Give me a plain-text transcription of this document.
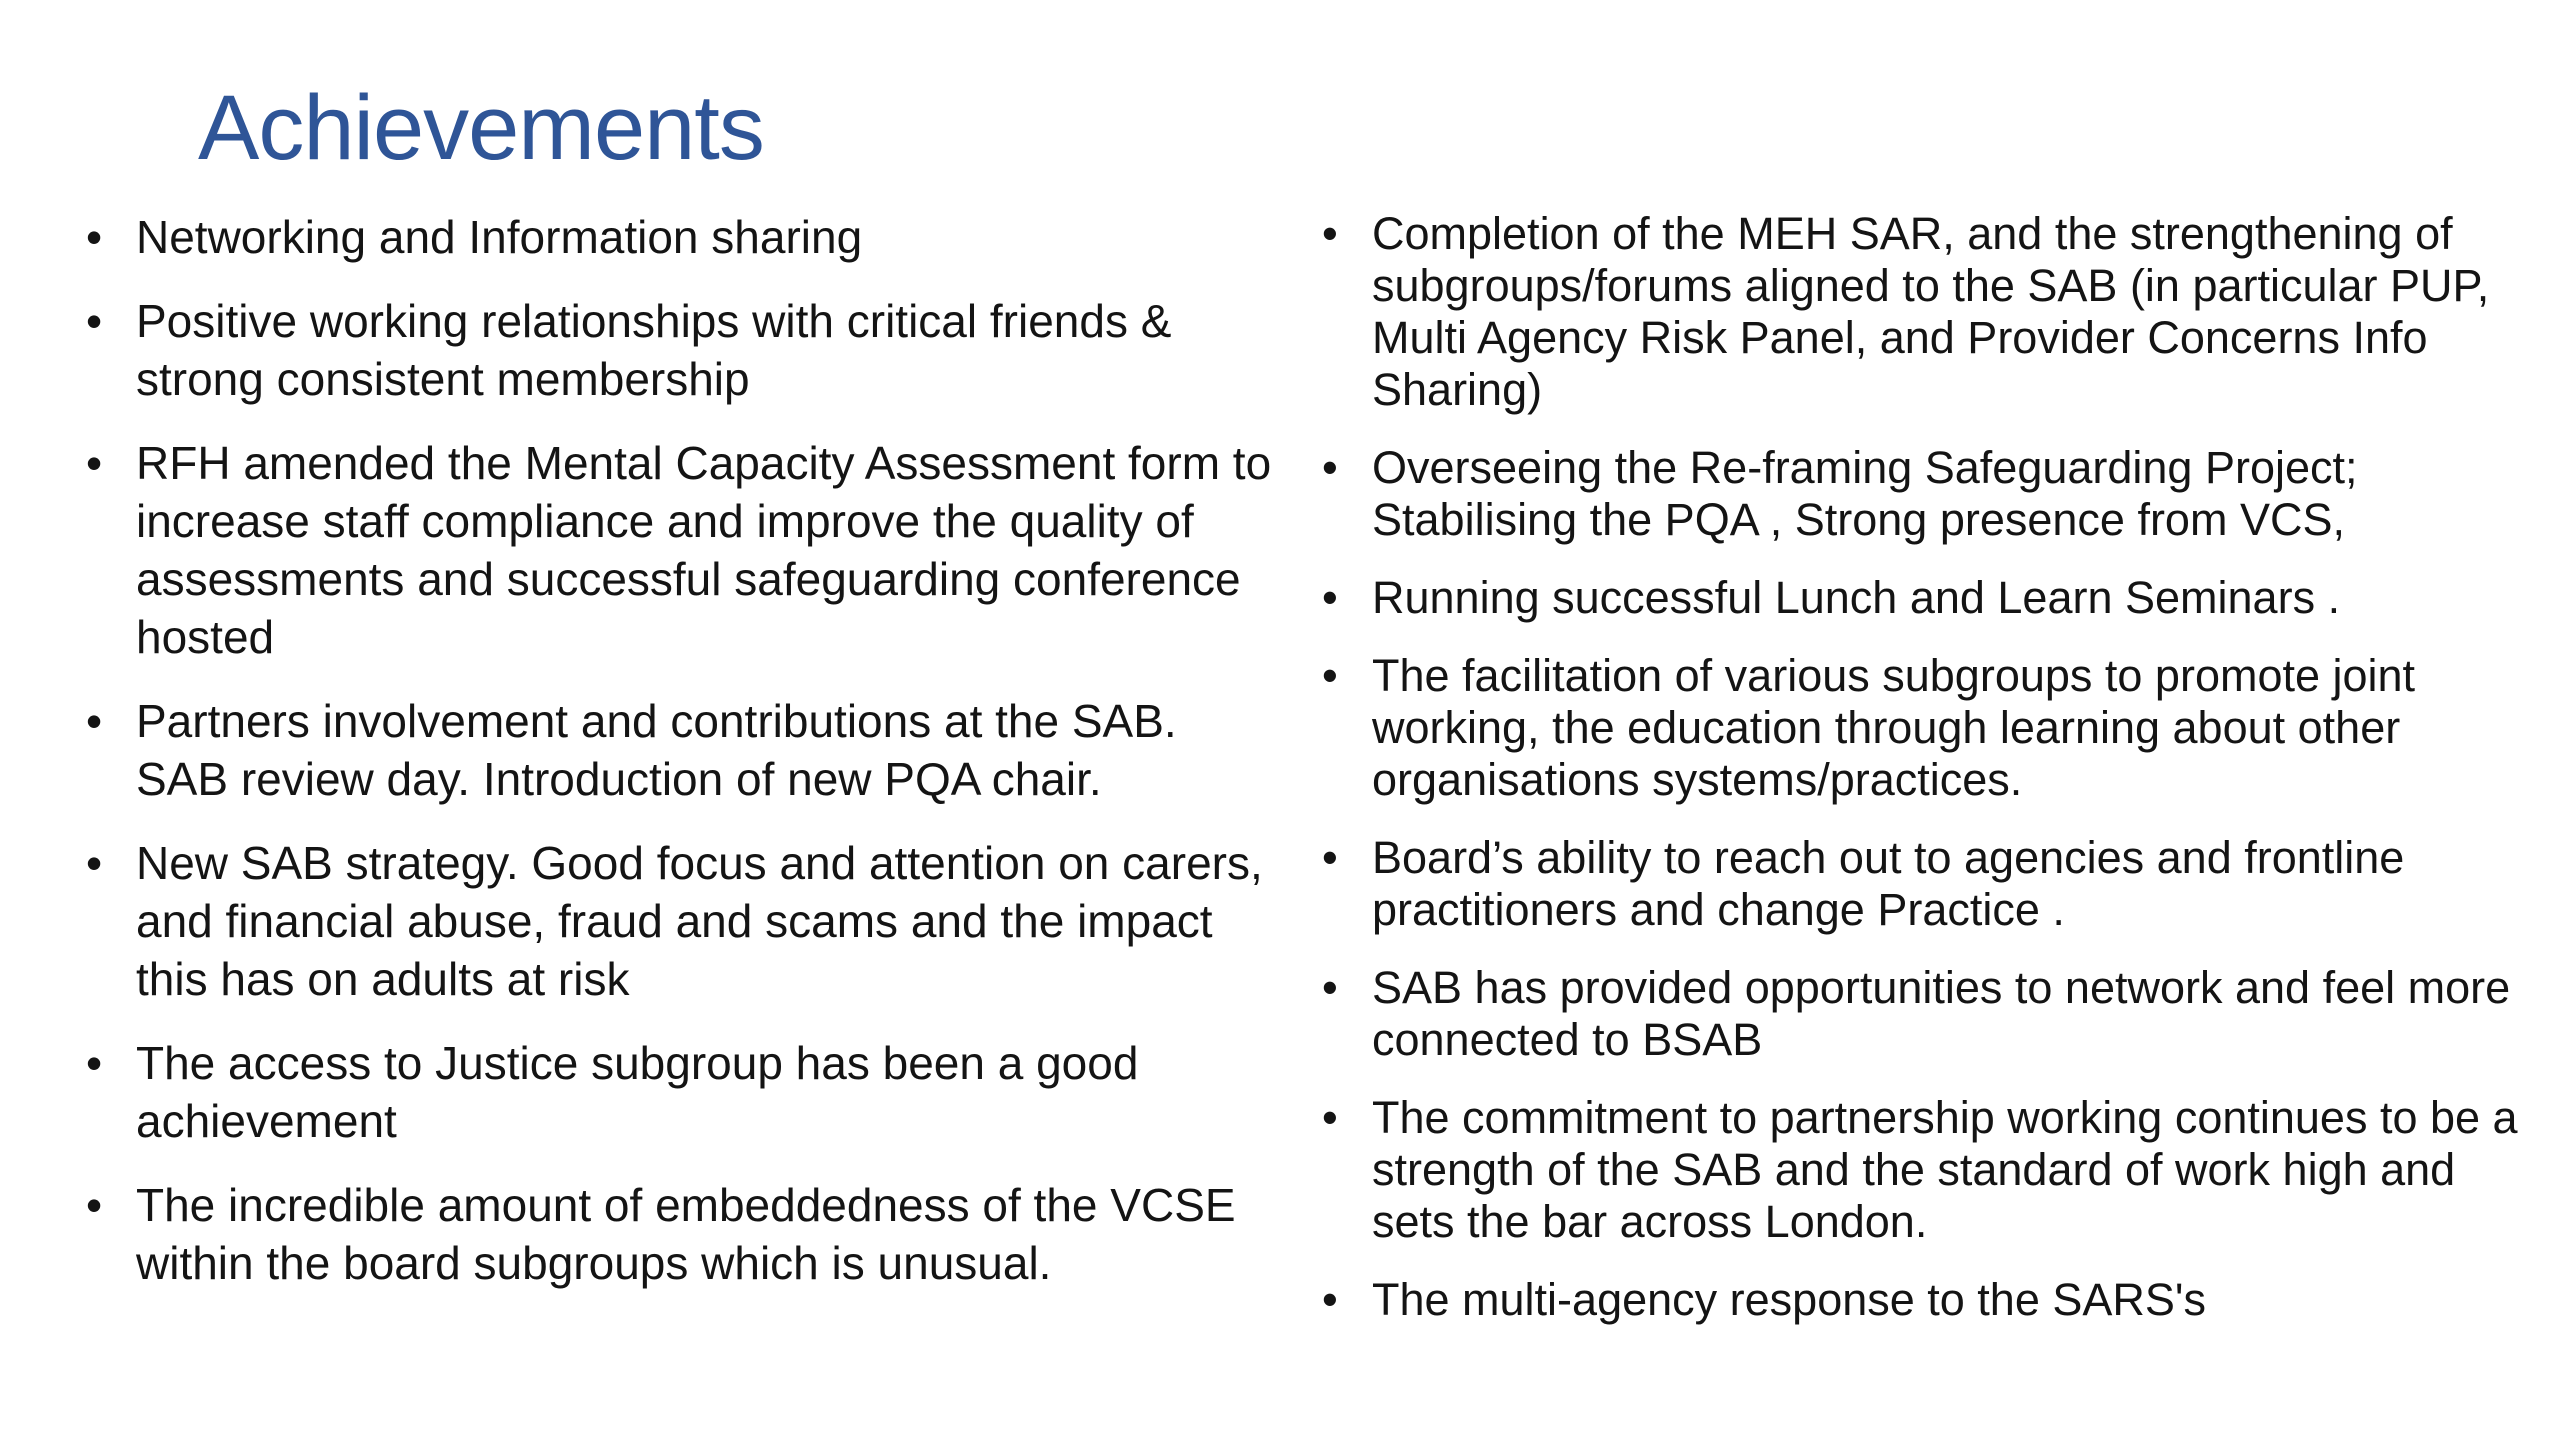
Achievements
• Networking and Information sharing
• Positive working relationships with critical friends & strong consistent membership
• RFH amended the Mental Capacity Assessment form to increase staff compliance and improve the quality of assessments and successful safeguarding conference hosted
• Partners involvement and contributions at the SAB. SAB review day. Introduction of new PQA chair.
• New SAB strategy. Good focus and attention on carers, and financial abuse, fraud and scams and the impact this has on adults at risk
• The access to Justice subgroup has been a good achievement
• The incredible amount of embeddedness of the VCSE within the board subgroups which is unusual.
• Completion of the MEH SAR, and the strengthening of subgroups/forums aligned to the SAB (in particular PUP, Multi Agency Risk Panel, and Provider Concerns Info Sharing)
• Overseeing the Re-framing Safeguarding Project; Stabilising the PQA , Strong presence from VCS,
• Running successful Lunch and Learn Seminars .
• The facilitation of various subgroups to promote joint working, the education through learning about other organisations systems/practices.
• Board’s ability to reach out to agencies and frontline practitioners and change Practice .
• SAB has provided opportunities to network and feel more connected to BSAB
• The commitment to partnership working continues to be a strength of the SAB and the standard of work high and sets the bar across London.
• The multi-agency response to the SARS's
